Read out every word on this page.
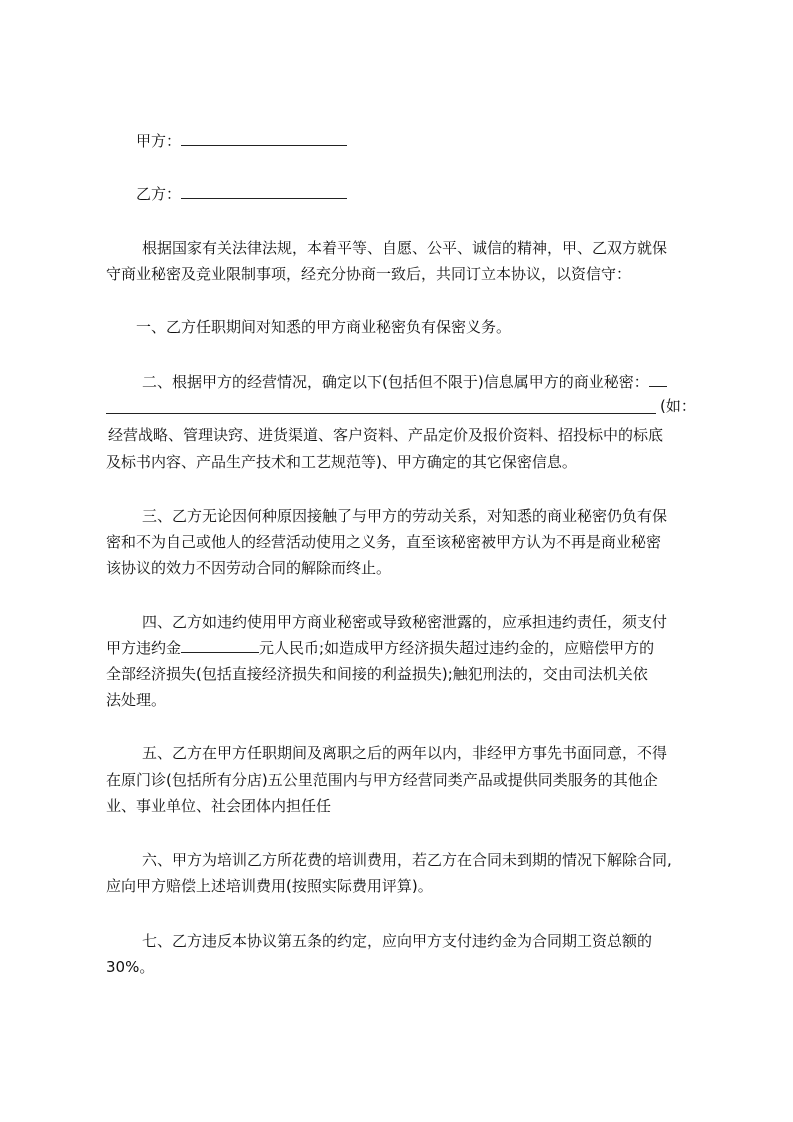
甲方：
乙方：
根据国家有关法律法规，本着平等、自愿、公平、诚信的精神，甲、乙双方就保
守商业秘密及竞业限制事项，经充分协商一致后，共同订立本协议，以资信守：
一、乙方任职期间对知悉的甲方商业秘密负有保密义务。
二、根据甲方的经营情况，确定以下(包括但不限于)信息属甲方的商业秘密：
(如：
经营战略、管理诀窍、进货渠道、客户资料、产品定价及报价资料、招投标中的标底
及标书内容、产品生产技术和工艺规范等)、甲方确定的其它保密信息。
三、乙方无论因何种原因接触了与甲方的劳动关系，对知悉的商业秘密仍负有保
密和不为自己或他人的经营活动使用之义务，直至该秘密被甲方认为不再是商业秘密
该协议的效力不因劳动合同的解除而终止。
四、乙方如违约使用甲方商业秘密或导致秘密泄露的，应承担违约责任，须支付
甲方违约金	元人民币;如造成甲方经济损失超过违约金的，应赔偿甲方的
全部经济损失(包括直接经济损失和间接的利益损失);触犯刑法的，交由司法机关依
法处理。
五、乙方在甲方任职期间及离职之后的两年以内，非经甲方事先书面同意，不得
在原门诊(包括所有分店)五公里范围内与甲方经营同类产品或提供同类服务的其他企
业、事业单位、社会团体内担任任
六、甲方为培训乙方所花费的培训费用，若乙方在合同未到期的情况下解除合同,
应向甲方赔偿上述培训费用(按照实际费用评算)。
七、乙方违反本协议第五条的约定，应向甲方支付违约金为合同期工资总额的
30%。
